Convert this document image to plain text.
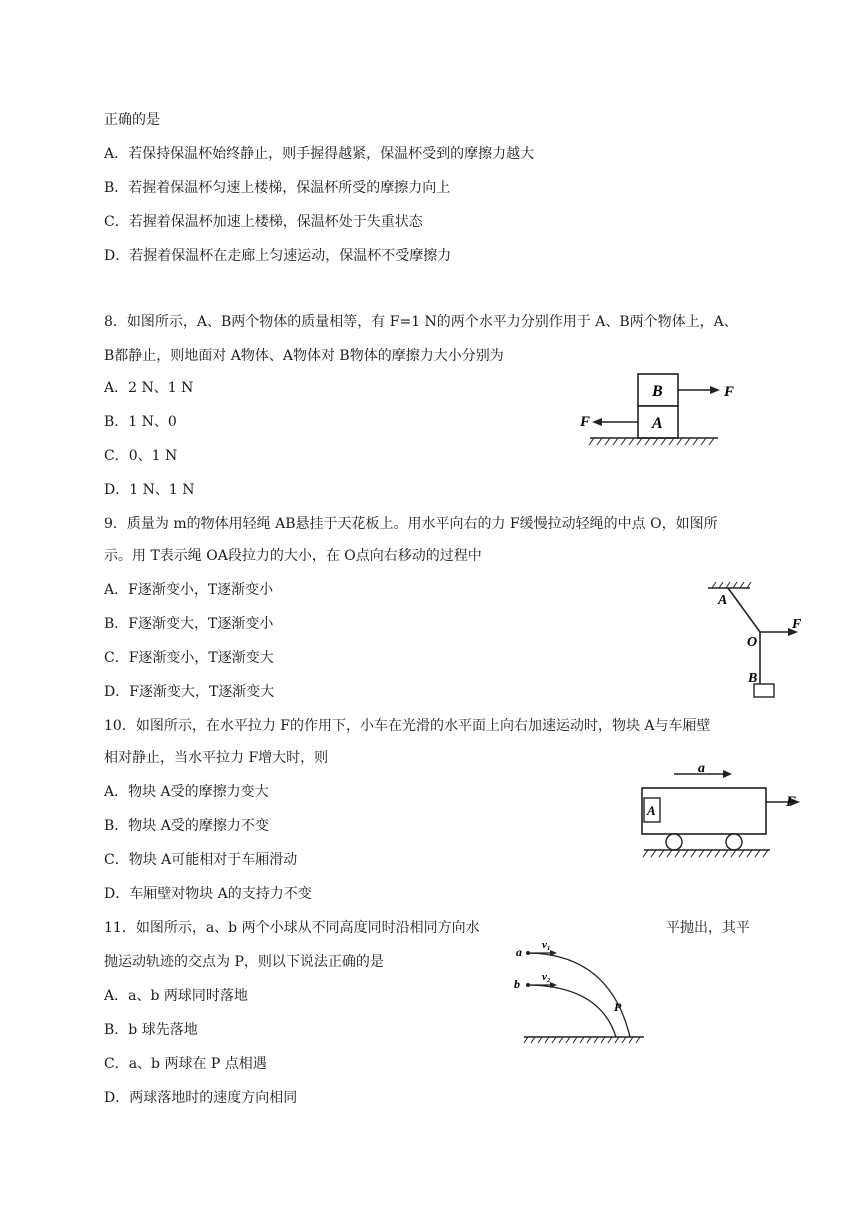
正确的是
A．若保持保温杯始终静止，则手握得越紧，保温杯受到的摩擦力越大
B．若握着保温杯匀速上楼梯，保温杯所受的摩擦力向上
C．若握着保温杯加速上楼梯，保温杯处于失重状态
D．若握着保温杯在走廊上匀速运动，保温杯不受摩擦力
8．如图所示，A、B两个物体的质量相等，有 F=1 N的两个水平力分别作用于 A、B两个物体上，A、
B都静止，则地面对 A物体、A物体对 B物体的摩擦力大小分别为
A．2 N、1 N
B．1 N、0
C．0、1 N
D．1 N、1 N
B
A
F
F
9．质量为 m的物体用轻绳 AB悬挂于天花板上。用水平向右的力 F缓慢拉动轻绳的中点 O，如图所
示。用 T表示绳 OA段拉力的大小，在 O点向右移动的过程中
A．F逐渐变小，T逐渐变小
B．F逐渐变大，T逐渐变小
C．F逐渐变小，T逐渐变大
D．F逐渐变大，T逐渐变大
F
A
O
B
10．如图所示，在水平拉力 F的作用下，小车在光滑的水平面上向右加速运动时，物块 A与车厢壁
相对静止，当水平拉力 F增大时，则
A．物块 A受的摩擦力变大
B．物块 A受的摩擦力不变
C．物块 A可能相对于车厢滑动
D．车厢壁对物块 A的支持力不变
a
A
F
11．如图所示，a、b 两个小球从不同高度同时沿相同方向水	平抛出，其平
抛运动轨迹的交点为 P，则以下说法正确的是
A．a、b 两球同时落地
B．b 球先落地
C．a、b 两球在 P 点相遇
D．两球落地时的速度方向相同
a v₁
b v₂
P
